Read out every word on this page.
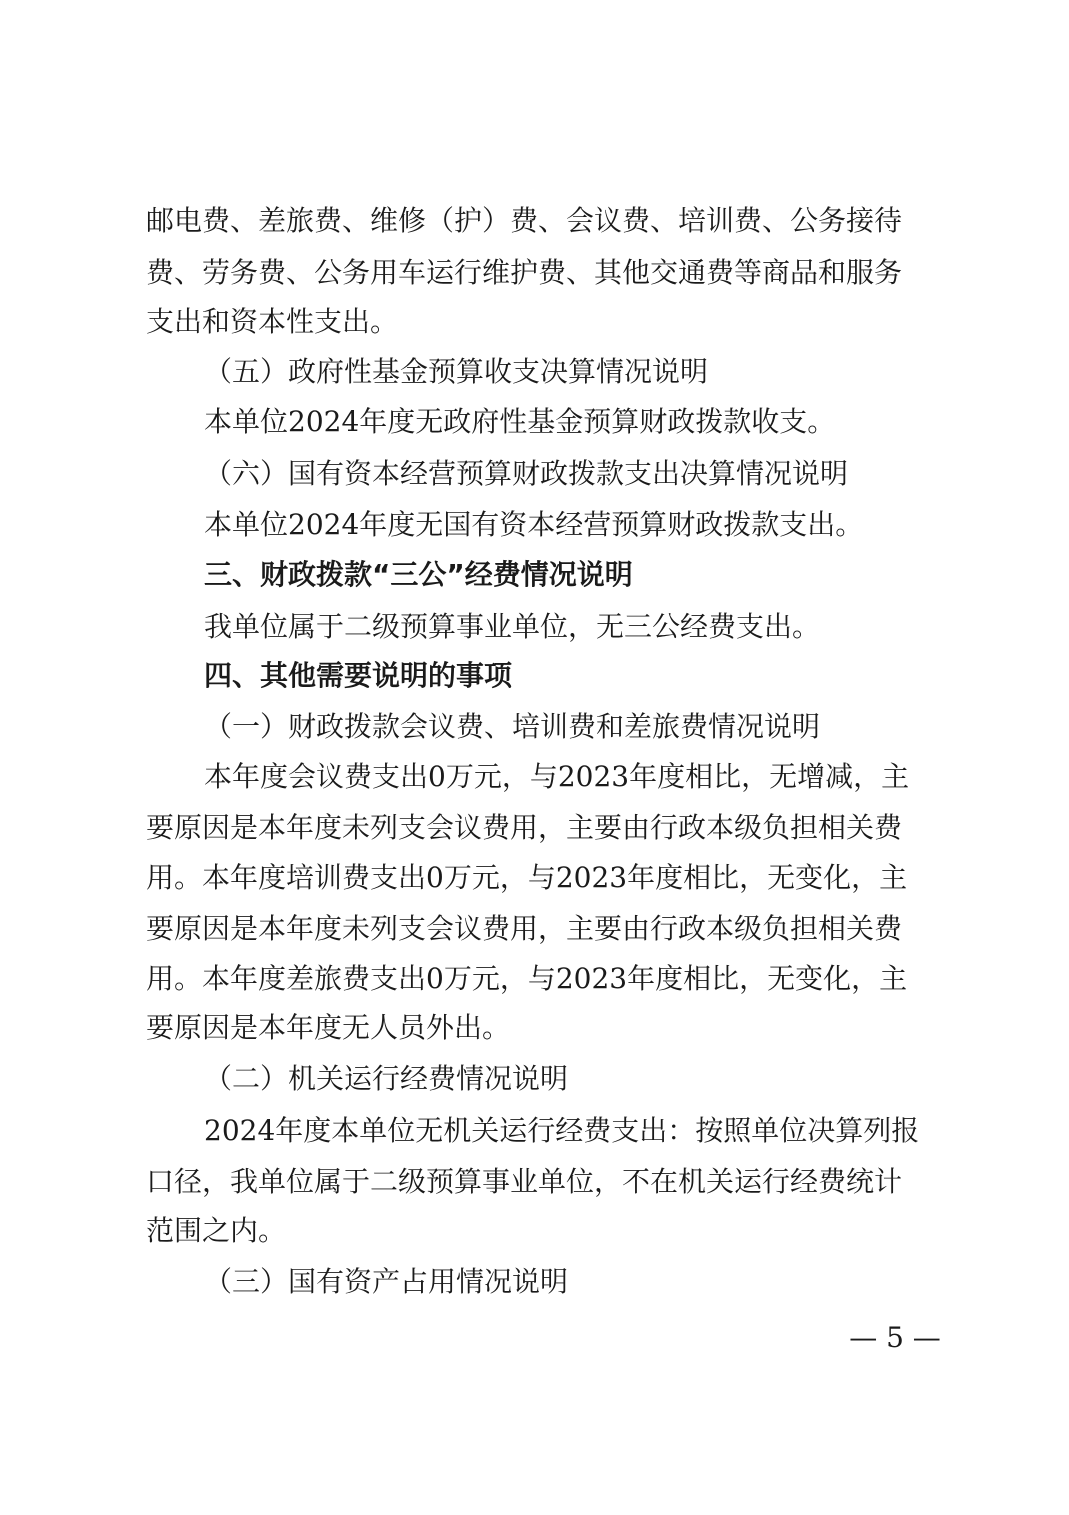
邮电费、差旅费、维修（护）费、会议费、培训费、公务接待
费、劳务费、公务用车运行维护费、其他交通费等商品和服务
支出和资本性支出。
（五）政府性基金预算收支决算情况说明
本单位2024年度无政府性基金预算财政拨款收支。
（六）国有资本经营预算财政拨款支出决算情况说明
本单位2024年度无国有资本经营预算财政拨款支出。
三、财政拨款“三公”经费情况说明
我单位属于二级预算事业单位，无三公经费支出。
四、其他需要说明的事项
（一）财政拨款会议费、培训费和差旅费情况说明
本年度会议费支出0万元，与2023年度相比，无增减，主
要原因是本年度未列支会议费用，主要由行政本级负担相关费
用。本年度培训费支出0万元，与2023年度相比，无变化，主
要原因是本年度未列支会议费用，主要由行政本级负担相关费
用。本年度差旅费支出0万元，与2023年度相比，无变化，主
要原因是本年度无人员外出。
（二）机关运行经费情况说明
2024年度本单位无机关运行经费支出：按照单位决算列报
口径，我单位属于二级预算事业单位，不在机关运行经费统计
范围之内。
（三）国有资产占用情况说明
— 5 —
